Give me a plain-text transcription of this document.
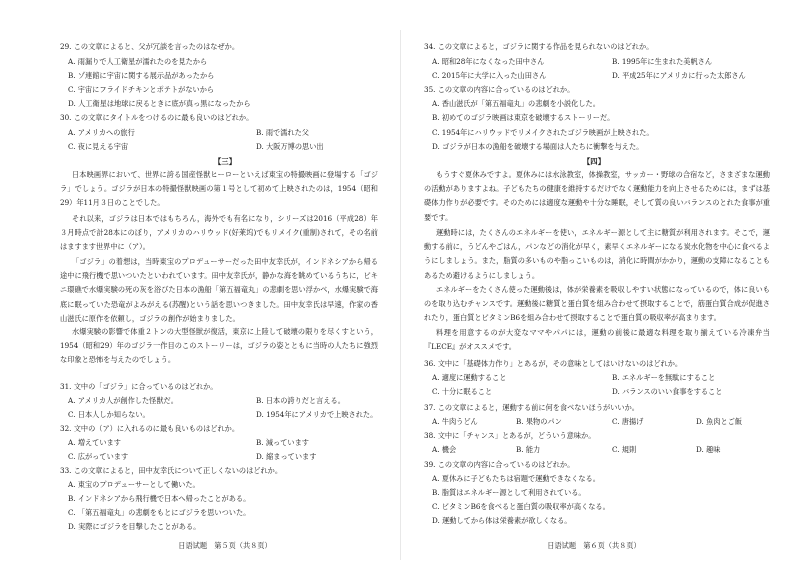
29. この文章によると、父が冗談を言ったのはなぜか。
A. 雨漏りで人工衛星が濡れたのを見たから
B. ゾ連館に宇宙に関する展示品があったから
C. 宇宙にフライドチキンとポテトがないから
D. 人工衛星は地球に戻るときに底が真っ黒になったから
30. この文章にタイトルをつけるのに最も良いのはどれか。
A. アメリカへの旅行	B. 雨で濡れた父
C. 夜に見える宇宙	D. 大阪万博の思い出
【三】
日本映画界において、世界に誇る国産怪獣ヒーローといえば東宝の特撮映画に登場する「ゴジラ」でしょう。ゴジラが日本の特撮怪獣映画の第１号として初めて上映されたのは，1954（昭和29）年11月３日のことでした。
それ以来，ゴジラは日本ではもちろん，海外でも有名になり，シリーズは2016（平成28）年３月時点で計28本にのぼり，アメリカのハリウッド(好莱坞)でもリメイク(重制)されて，その名前はますます世界中に（ア）。
「ゴジラ」の着想は，当時東宝のプロデューサーだった田中友幸氏が，インドネシアから帰る途中に飛行機で思いついたといわれています。田中友幸氏が，静かな海を眺めているうちに，ビキニ環礁で水爆実験の死の灰を浴びた日本の漁船「第五福竜丸」の悲劇を思い浮かべ，水爆実験で海底に眠っていた恐竜がよみがえる(苏醒)という話を思いつきました。田中友幸氏は早速，作家の香山滋氏に原作を依頼し，ゴジラの創作が始まりました。
水爆実験の影響で体重２トンの大型怪獣が復活，東京に上陸して破壊の限りを尽くすという，1954（昭和29）年のゴジラ一作目のこのストーリーは，ゴジラの姿とともに当時の人たちに強烈な印象と恐怖を与えたのでしょう。
31. 文中の「ゴジラ」に合っているのはどれか。
A. アメリカ人が創作した怪獣だ。	B. 日本の誇りだと言える。
C. 日本人しか知らない。	D. 1954年にアメリカで上映された。
32. 文中の（ア）に入れるのに最も良いものはどれか。
A. 増えています	B. 減っています
C. 広がっています	D. 縮まっています
33. この文章によると，田中友幸氏について正しくないのはどれか。
A. 東宝のプロデューサーとして働いた。
B. インドネシアから飛行機で日本へ帰ったことがある。
C. 「第五福竜丸」の悲劇をもとにゴジラを思いついた。
D. 実際にゴジラを目撃したことがある。
日语试题　第５页（共８页）
34. この文章によると，ゴジラに関する作品を見られないのはどれか。
A. 昭和28年になくなった田中さん	B. 1995年に生まれた美帆さん
C. 2015年に大学に入った山田さん	D. 平成25年にアメリカに行った太郎さん
35. この文章の内容に合っているのはどれか。
A. 香山滋氏が「第五福竜丸」の悲劇を小説化した。
B. 初めてのゴジラ映画は東京を破壊するストーリーだ。
C. 1954年にハリウッドでリメイクされたゴジラ映画が上映された。
D. ゴジラが日本の漁船を破壊する場面は人たちに衝撃を与えた。
【四】
もうすぐ夏休みですよ。夏休みには水泳教室，体操教室，サッカー・野球の合宿など，さまざまな運動の活動がありますよね。子どもたちの健康を維持するだけでなく運動能力を向上させるためには，まずは基礎体力作りが必要です。そのためには適度な運動や十分な睡眠，そして質の良いバランスのとれた食事が重要です。
運動時には，たくさんのエネルギーを使い，エネルギー源として主に糖質が利用されます。そこで，運動する前に，うどんやごはん，パンなどの消化が早く，素早くエネルギーになる炭水化物を中心に食べるようにしましょう。また，脂質の多いものや脂っこいものは，消化に時間がかかり，運動の支障になることもあるため避けるようにしましょう。
エネルギーをたくさん使った運動後は，体が栄養素を吸収しやすい状態になっているので，体に良いものを取り込むチャンスです。運動後に糖質と蛋白質を組み合わせて摂取することで，筋蛋白質合成が促進されたり，蛋白質とビタミンB6を組み合わせて摂取することで蛋白質の吸収率が高まります。
料理を用意するのが大変なママやパパには，運動の前後に最適な料理を取り揃えている冷凍弁当『LECE』がオススメです。
36. 文中に「基礎体力作り」とあるが，その意味としてはいけないのはどれか。
A. 適度に運動すること	B. エネルギーを無駄にすること
C. 十分に眠ること	D. バランスのいい食事をすること
37. この文章によると，運動する前に何を食べないほうがいいか。
A. 牛肉うどん	B. 果物のパン	C. 唐揚げ	D. 魚肉とご飯
38. 文中に「チャンス」とあるが，どういう意味か。
A. 機会	B. 能力	C. 規則	D. 趣味
39. この文章の内容に合っているのはどれか。
A. 夏休みに子どもたちは宿題で運動できなくなる。
B. 脂質はエネルギー源として利用されている。
C. ビタミンB6を食べると蛋白質の吸収率が高くなる。
D. 運動してから体は栄養素が欲しくなる。
日语试题　第６页（共８页）
